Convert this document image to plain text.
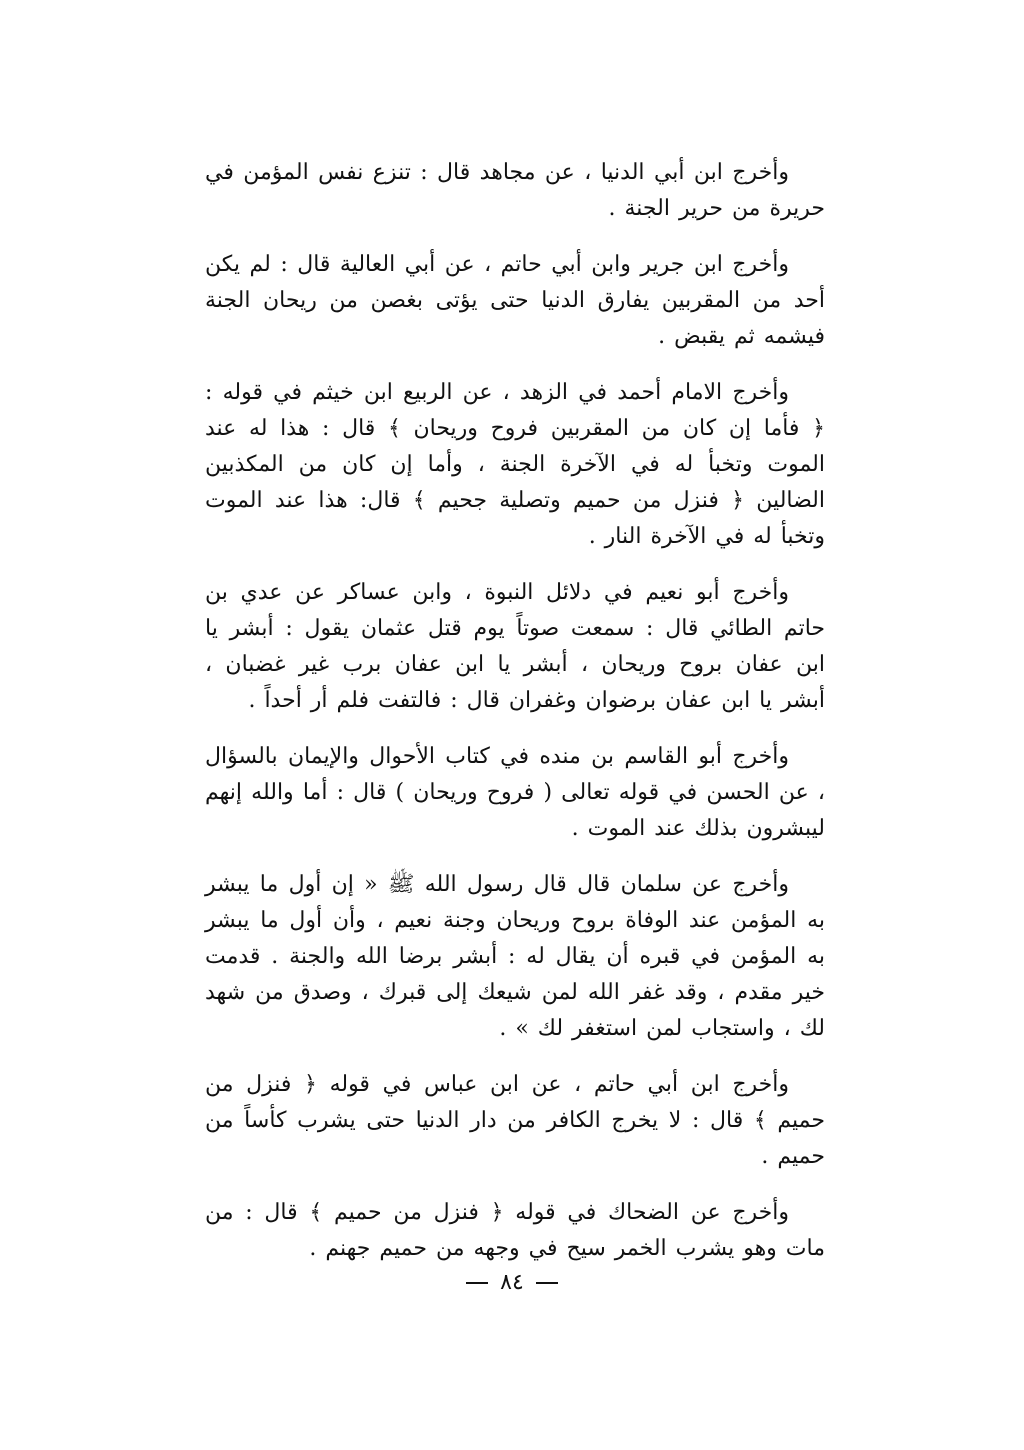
وأخرج ابن أبي الدنيا ، عن مجاهد قال : تنزع نفس المؤمن في حريرة من حرير الجنة .

وأخرج ابن جرير وابن أبي حاتم ، عن أبي العالية قال : لم يكن أحد من المقربين يفارق الدنيا حتى يؤتى بغصن من ريحان الجنة فيشمه ثم يقبض .

وأخرج الامام أحمد في الزهد ، عن الربيع ابن خيثم في قوله : ﴿ فأما إن كان من المقربين فروح وريحان ﴾ قال : هذا له عند الموت وتخبأ له في الآخرة الجنة ، وأما إن كان من المكذبين الضالين ﴿ فنزل من حميم وتصلية جحيم ﴾ قال: هذا عند الموت وتخبأ له في الآخرة النار .

وأخرج أبو نعيم في دلائل النبوة ، وابن عساكر عن عدي بن حاتم الطائي قال : سمعت صوتاً يوم قتل عثمان يقول : أبشر يا ابن عفان بروح وريحان ، أبشر يا ابن عفان برب غير غضبان ، أبشر يا ابن عفان برضوان وغفران قال : فالتفت فلم أر أحداً .

وأخرج أبو القاسم بن منده في كتاب الأحوال والإيمان بالسؤال ، عن الحسن في قوله تعالى ( فروح وريحان ) قال : أما والله إنهم ليبشرون بذلك عند الموت .

وأخرج عن سلمان قال قال رسول الله ﷺ « إن أول ما يبشر به المؤمن عند الوفاة بروح وريحان وجنة نعيم ، وأن أول ما يبشر به المؤمن في قبره أن يقال له : أبشر برضا الله والجنة . قدمت خير مقدم ، وقد غفر الله لمن شيعك إلى قبرك ، وصدق من شهد لك ، واستجاب لمن استغفر لك » .

وأخرج ابن أبي حاتم ، عن ابن عباس في قوله ﴿ فنزل من حميم ﴾ قال : لا يخرج الكافر من دار الدنيا حتى يشرب كأساً من حميم .

وأخرج عن الضحاك في قوله ﴿ فنزل من حميم ﴾ قال : من مات وهو يشرب الخمر سيح في وجهه من حميم جهنم .

٨٤
